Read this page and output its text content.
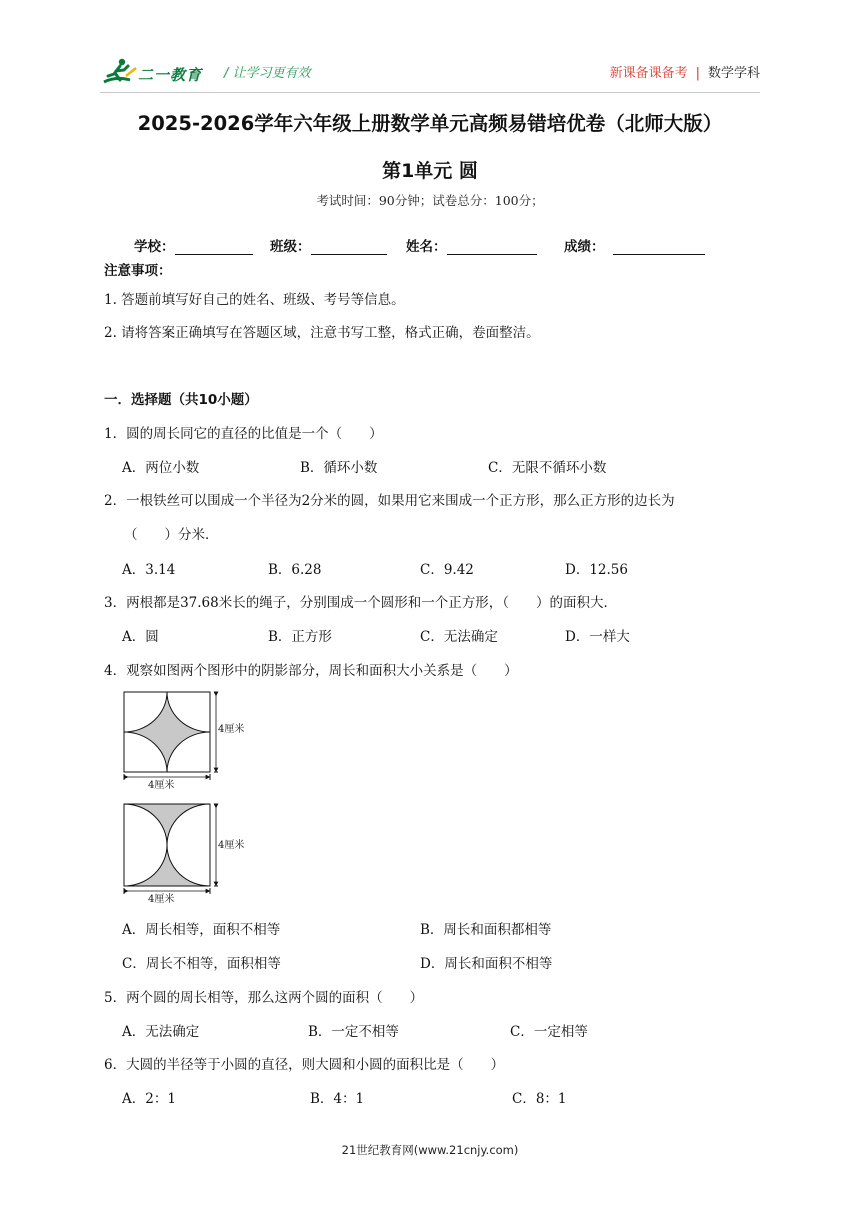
二一教育 / 让学习更有效	新课备课备考 | 数学学科
2025-2026学年六年级上册数学单元高频易错培优卷（北师大版）
第1单元 圆
考试时间：90分钟；试卷总分：100分；
学校：	班级：	姓名：	成绩：
注意事项：
1. 答题前填写好自己的姓名、班级、考号等信息。
2. 请将答案正确填写在答题区域，注意书写工整，格式正确，卷面整洁。
一．选择题（共10小题）
1．圆的周长同它的直径的比值是一个（　　）
A．两位小数	B．循环小数	C．无限不循环小数
2．一根铁丝可以围成一个半径为2分米的圆，如果用它来围成一个正方形，那么正方形的边长为
（　　）分米．
A．3.14	B．6.28	C．9.42	D．12.56
3．两根都是37.68米长的绳子，分别围成一个圆形和一个正方形，（　　）的面积大．
A．圆	B．正方形	C．无法确定	D．一样大
4．观察如图两个图形中的阴影部分，周长和面积大小关系是（　　）
4厘米
4厘米
4厘米
4厘米
A．周长相等，面积不相等	B．周长和面积都相等
C．周长不相等，面积相等	D．周长和面积不相等
5．两个圆的周长相等，那么这两个圆的面积（　　）
A．无法确定	B．一定不相等	C．一定相等
6．大圆的半径等于小圆的直径，则大圆和小圆的面积比是（　　）
A．2：1	B．4：1	C．8：1
21世纪教育网(www.21cnjy.com)
